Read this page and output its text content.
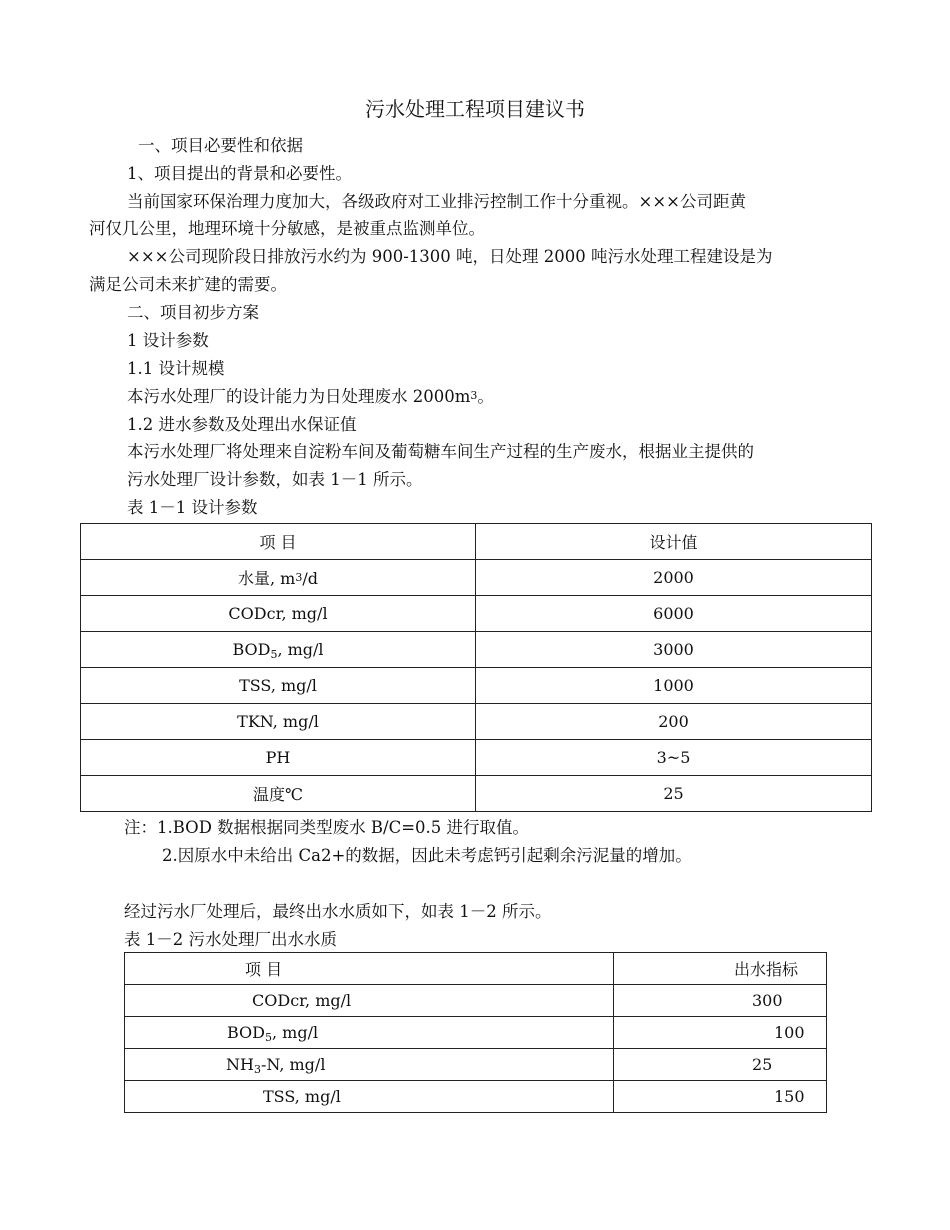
污水处理工程项目建议书
一、项目必要性和依据
1、项目提出的背景和必要性。
当前国家环保治理力度加大，各级政府对工业排污控制工作十分重视。×××公司距黄
河仅几公里，地理环境十分敏感，是被重点监测单位。
×××公司现阶段日排放污水约为 900-1300 吨，日处理 2000 吨污水处理工程建设是为
满足公司未来扩建的需要。
二、项目初步方案
1 设计参数
1.1 设计规模
本污水处理厂的设计能力为日处理废水 $2000m^3$。
1.2 进水参数及处理出水保证值
本污水处理厂将处理来自淀粉车间及葡萄糖车间生产过程的生产废水，根据业主提供的
污水处理厂设计参数，如表 1－1 所示。
表 1－1 设计参数
项 目	设计值
水量, $m^3/d$	2000
CODcr, mg/l	6000
$BOD_5$, mg/l	3000
TSS, mg/l	1000
TKN, mg/l	200
PH	3~5
温度℃	25
注：1.BOD 数据根据同类型废水 B/C=0.5 进行取值。
2.因原水中未给出 Ca2+的数据，因此未考虑钙引起剩余污泥量的增加。
经过污水厂处理后，最终出水水质如下，如表 1－2 所示。
表 1－2 污水处理厂出水水质
项 目	出水指标
CODcr, mg/l	300
$BOD_5$, mg/l	100
$NH_3-N$, mg/l	25
TSS, mg/l	150
